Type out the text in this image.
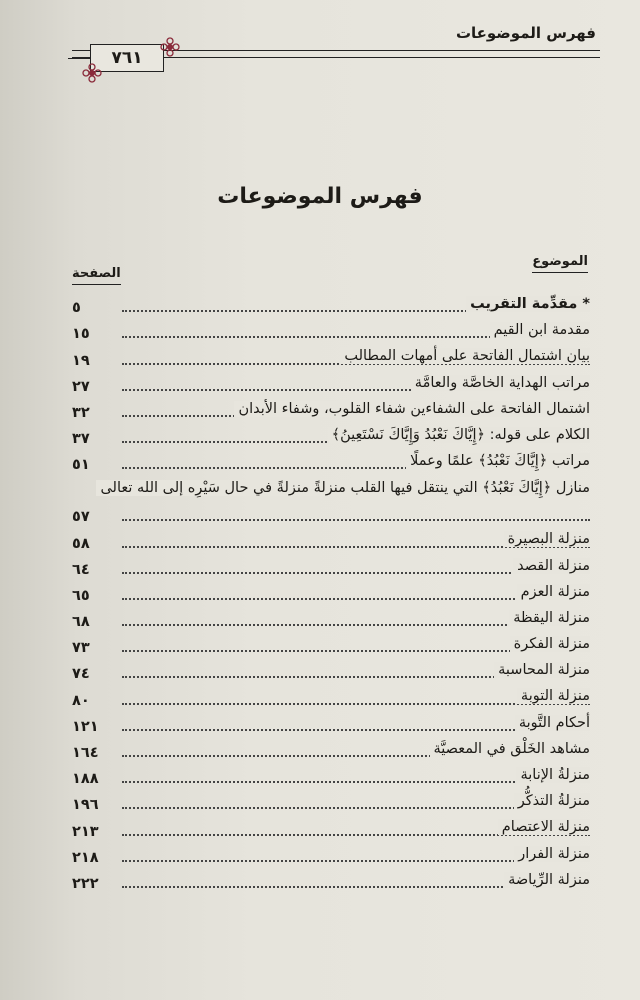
فهرس الموضوعات
٧٦١
فهرس الموضوعات
الموضوع
الصفحة
* مقدِّمة التقريب
٥
مقدمة ابن القيم
١٥
بيان اشتمال الفاتحة على أمهات المطالب
١٩
مراتب الهداية الخاصَّة والعامَّة
٢٧
اشتمال الفاتحة على الشفاءين شفاء القلوب، وشفاء الأبدان
٣٢
الكلام على قوله: ﴿إِيَّاكَ نَعْبُدُ وَإِيَّاكَ نَسْتَعِينُ﴾
٣٧
مراتب ﴿إِيَّاكَ نَعْبُدُ﴾ علمًا وعملًا
٥١
منازل ﴿إِيَّاكَ نَعْبُدُ﴾ التي ينتقل فيها القلب منزلةً منزلةً في حال سَيْرِه إلى الله تعالى
٥٧
منزلة البصيرة
٥٨
منزلة القصد
٦٤
منزلة العزم
٦٥
منزلة اليقظة
٦٨
منزلة الفكرة
٧٣
منزلة المحاسبة
٧٤
منزلة التوبة
٨٠
أحكام التَّوبة
١٢١
مشاهد الخَلْق في المعصيَّة
١٦٤
منزلةُ الإنابة
١٨٨
منزلةُ التذكُّر
١٩٦
منزلة الاعتصام
٢١٣
منزلة الفرار
٢١٨
منزلة الرِّياضة
٢٢٢
